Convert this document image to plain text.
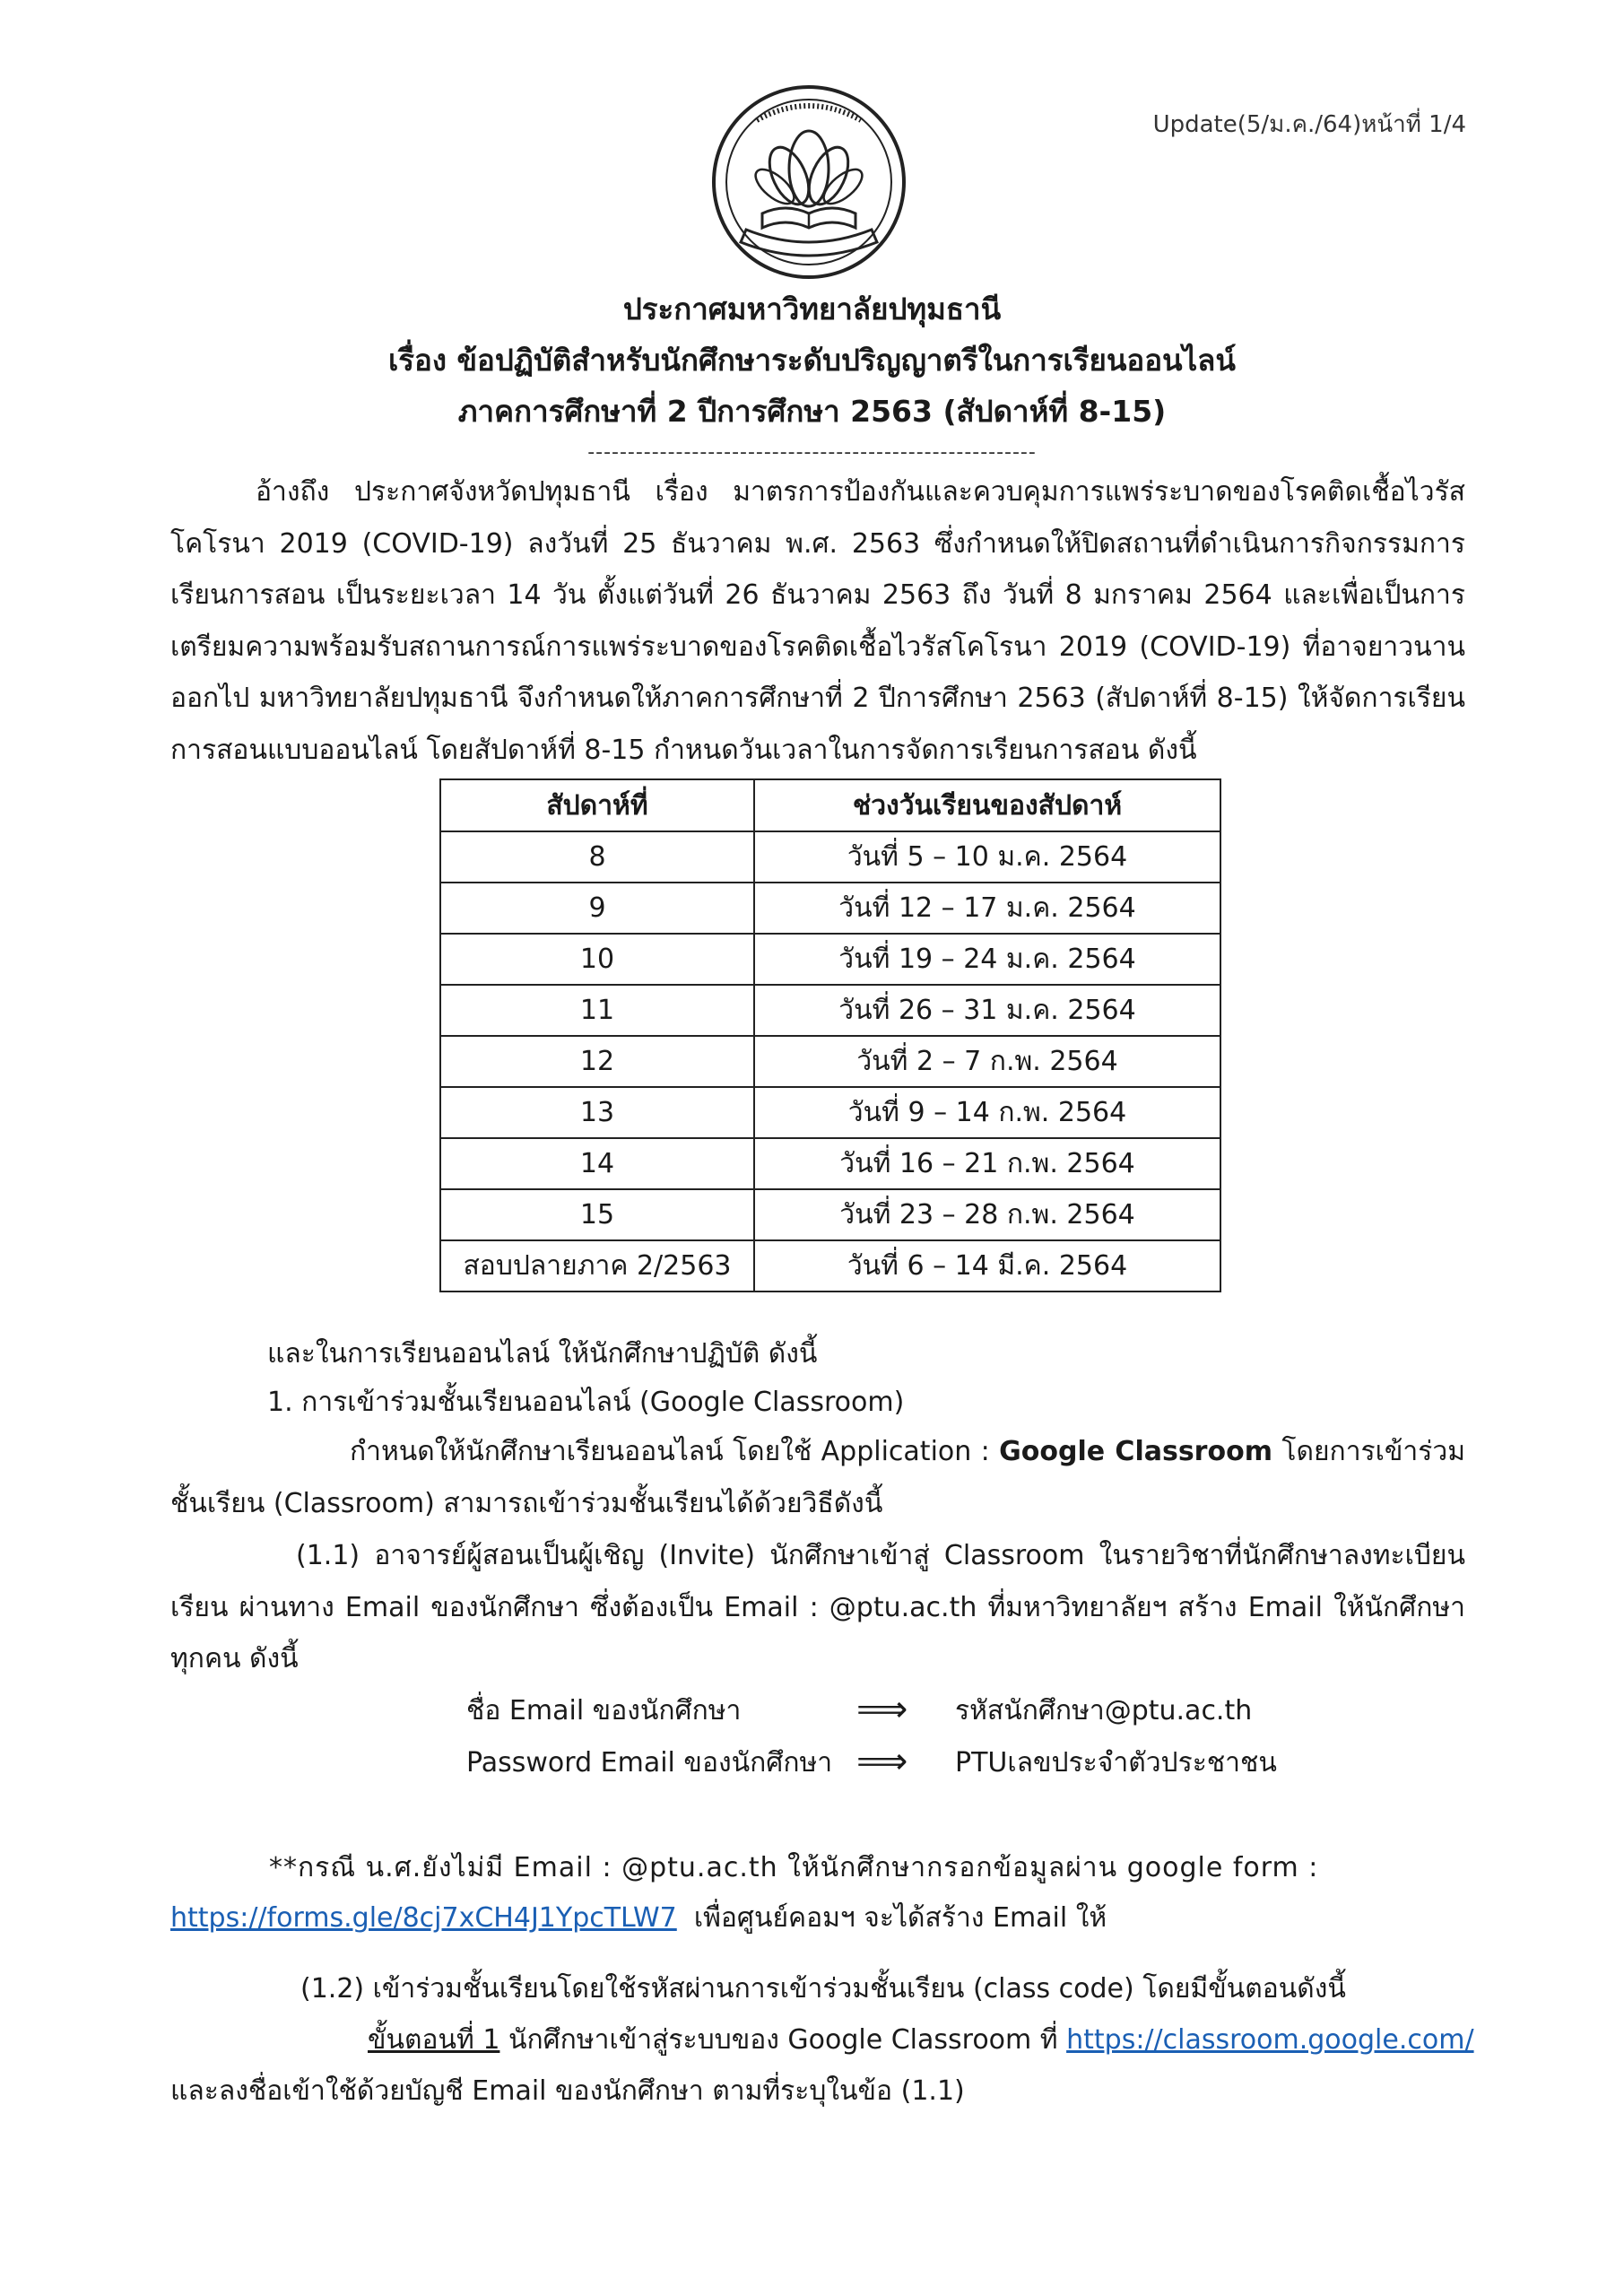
Update(5/ม.ค./64)หน้าที่ 1/4
ประกาศมหาวิทยาลัยปทุมธานี
เรื่อง ข้อปฏิบัติสำหรับนักศึกษาระดับปริญญาตรีในการเรียนออนไลน์
ภาคการศึกษาที่ 2 ปีการศึกษา 2563 (สัปดาห์ที่ 8-15)
--------------------------------------------------------
อ้างถึง ประกาศจังหวัดปทุมธานี เรื่อง มาตรการป้องกันและควบคุมการแพร่ระบาดของโรคติดเชื้อไวรัสโคโรนา 2019 (COVID-19) ลงวันที่ 25 ธันวาคม พ.ศ. 2563 ซึ่งกำหนดให้ปิดสถานที่ดำเนินการกิจกรรมการเรียนการสอน เป็นระยะเวลา 14 วัน ตั้งแต่วันที่ 26 ธันวาคม 2563 ถึง วันที่ 8 มกราคม 2564 และเพื่อเป็นการเตรียมความพร้อมรับสถานการณ์การแพร่ระบาดของโรคติดเชื้อไวรัสโคโรนา 2019 (COVID-19) ที่อาจยาวนานออกไป มหาวิทยาลัยปทุมธานี จึงกำหนดให้ภาคการศึกษาที่ 2 ปีการศึกษา 2563 (สัปดาห์ที่ 8-15) ให้จัดการเรียนการสอนแบบออนไลน์ โดยสัปดาห์ที่ 8-15 กำหนดวันเวลาในการจัดการเรียนการสอน ดังนี้
สัปดาห์ที่	ช่วงวันเรียนของสัปดาห์
8	วันที่ 5 – 10 ม.ค. 2564
9	วันที่ 12 – 17 ม.ค. 2564
10	วันที่ 19 – 24 ม.ค. 2564
11	วันที่ 26 – 31 ม.ค. 2564
12	วันที่ 2 – 7 ก.พ. 2564
13	วันที่ 9 – 14 ก.พ. 2564
14	วันที่ 16 – 21 ก.พ. 2564
15	วันที่ 23 – 28 ก.พ. 2564
สอบปลายภาค 2/2563	วันที่ 6 – 14 มี.ค. 2564
และในการเรียนออนไลน์ ให้นักศึกษาปฏิบัติ ดังนี้
1. การเข้าร่วมชั้นเรียนออนไลน์ (Google Classroom)
กำหนดให้นักศึกษาเรียนออนไลน์ โดยใช้ Application : Google Classroom โดยการเข้าร่วมชั้นเรียน (Classroom) สามารถเข้าร่วมชั้นเรียนได้ด้วยวิธีดังนี้
(1.1) อาจารย์ผู้สอนเป็นผู้เชิญ (Invite) นักศึกษาเข้าสู่ Classroom ในรายวิชาที่นักศึกษาลงทะเบียนเรียน ผ่านทาง Email ของนักศึกษา ซึ่งต้องเป็น Email : @ptu.ac.th ที่มหาวิทยาลัยฯ สร้าง Email ให้นักศึกษาทุกคน ดังนี้
ชื่อ Email ของนักศึกษา	⟹ รหัสนักศึกษา@ptu.ac.th
Password Email ของนักศึกษา ⟹ PTUเลขประจำตัวประชาชน
**กรณี น.ศ.ยังไม่มี Email : @ptu.ac.th ให้นักศึกษากรอกข้อมูลผ่าน google form :
https://forms.gle/8cj7xCH4J1YpcTLW7 เพื่อศูนย์คอมฯ จะได้สร้าง Email ให้
(1.2) เข้าร่วมชั้นเรียนโดยใช้รหัสผ่านการเข้าร่วมชั้นเรียน (class code) โดยมีขั้นตอนดังนี้
ขั้นตอนที่ 1 นักศึกษาเข้าสู่ระบบของ Google Classroom ที่ https://classroom.google.com/
และลงชื่อเข้าใช้ด้วยบัญชี Email ของนักศึกษา ตามที่ระบุในข้อ (1.1)
